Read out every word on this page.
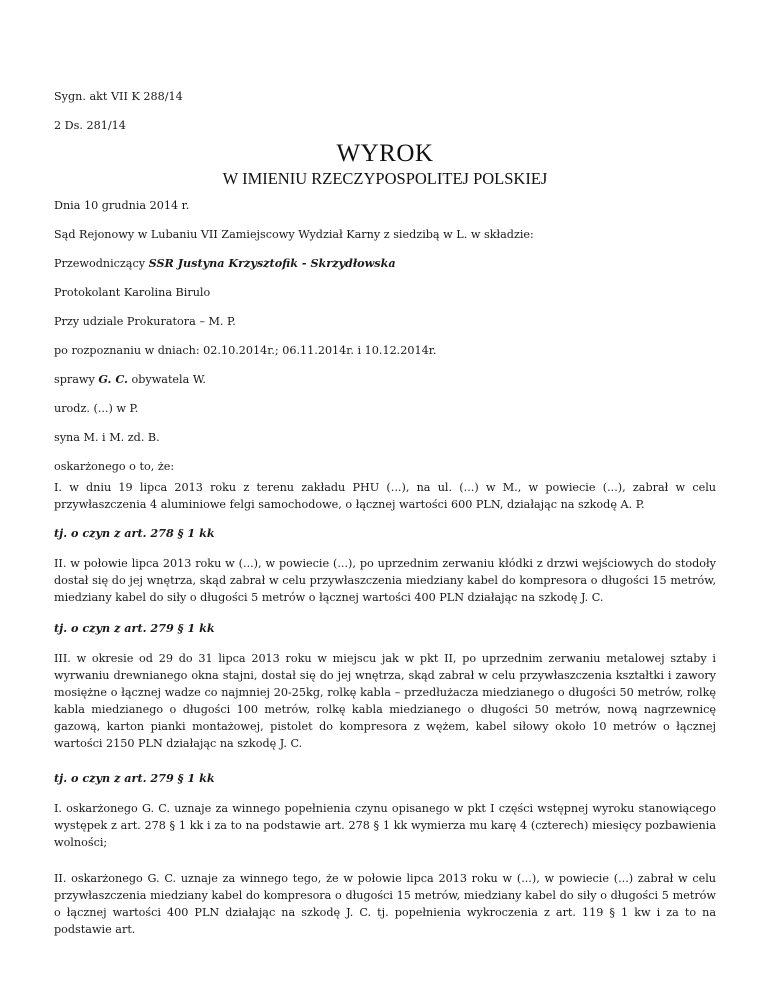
Sygn. akt VII K 288/14

2 Ds. 281/14

WYROK
W IMIENIU RZECZYPOSPOLITEJ POLSKIEJ

Dnia 10 grudnia 2014 r.

Sąd Rejonowy w Lubaniu VII Zamiejscowy Wydział Karny z siedzibą w L. w składzie:

Przewodniczący SSR Justyna Krzysztofik - Skrzydłowska

Protokolant Karolina Birulo

Przy udziale Prokuratora – M. P.

po rozpoznaniu w dniach: 02.10.2014r.; 06.11.2014r. i 10.12.2014r.

sprawy G. C. obywatela W.

urodz. (...) w P.

syna M. i M. zd. B.

oskarżonego o to, że:

I. w dniu 19 lipca 2013 roku z terenu zakładu PHU (...), na ul. (...) w M., w powiecie (...), zabrał w celu przywłaszczenia 4 aluminiowe felgi samochodowe, o łącznej wartości 600 PLN, działając na szkodę A. P.

tj. o czyn z art. 278 § 1 kk

II. w połowie lipca 2013 roku w (...), w powiecie (...), po uprzednim zerwaniu kłódki z drzwi wejściowych do stodoły dostał się do jej wnętrza, skąd zabrał w celu przywłaszczenia miedziany kabel do kompresora o długości 15 metrów, miedziany kabel do siły o długości 5 metrów o łącznej wartości 400 PLN działając na szkodę J. C.

tj. o czyn z art. 279 § 1 kk

III. w okresie od 29 do 31 lipca 2013 roku w miejscu jak w pkt II, po uprzednim zerwaniu metalowej sztaby i wyrwaniu drewnianego okna stajni, dostał się do jej wnętrza, skąd zabrał w celu przywłaszczenia kształtki i zawory mosiężne o łącznej wadze co najmniej 20-25kg, rolkę kabla – przedłużacza miedzianego o długości 50 metrów, rolkę kabla miedzianego o długości 100 metrów, rolkę kabla miedzianego o długości 50 metrów, nową nagrzewnicę gazową, karton pianki montażowej, pistolet do kompresora z wężem, kabel siłowy około 10 metrów o łącznej wartości 2150 PLN działając na szkodę J. C.

tj. o czyn z art. 279 § 1 kk

I. oskarżonego G. C. uznaje za winnego popełnienia czynu opisanego w pkt I części wstępnej wyroku stanowiącego występek z art. 278 § 1 kk i za to na podstawie art. 278 § 1 kk wymierza mu karę 4 (czterech) miesięcy pozbawienia wolności;

II. oskarżonego G. C. uznaje za winnego tego, że w połowie lipca 2013 roku w (...), w powiecie (...) zabrał w celu przywłaszczenia miedziany kabel do kompresora o długości 15 metrów, miedziany kabel do siły o długości 5 metrów o łącznej wartości 400 PLN działając na szkodę J. C. tj. popełnienia wykroczenia z art. 119 § 1 kw i za to na podstawie art.
